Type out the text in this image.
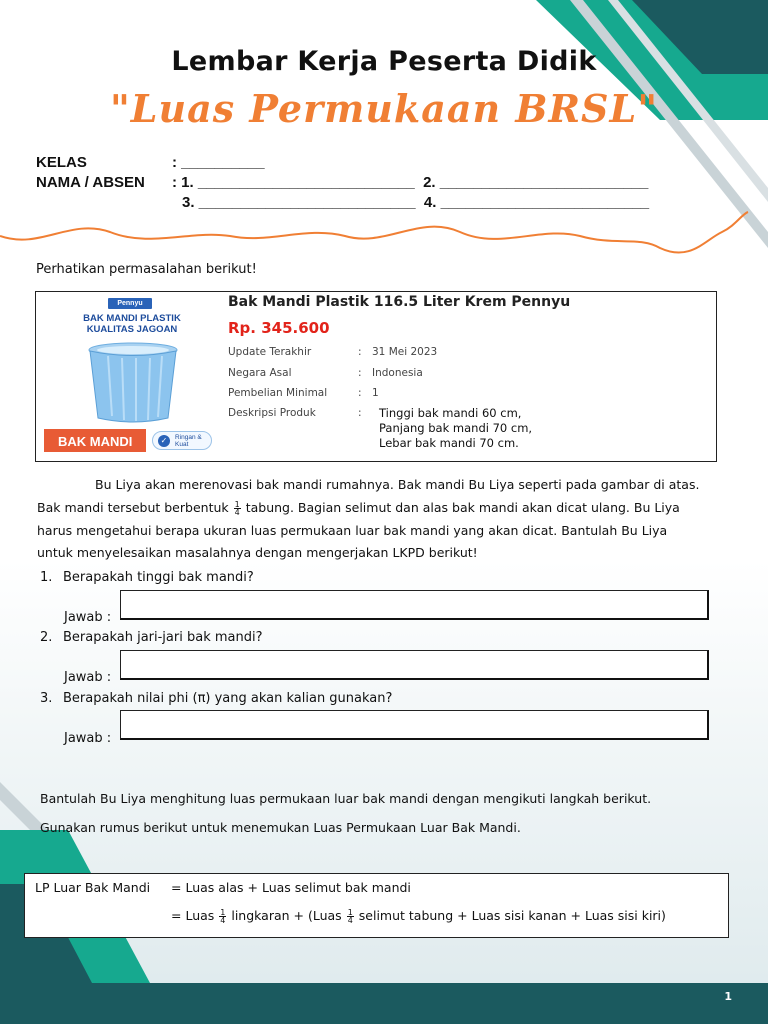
Lembar Kerja Peserta Didik
"Luas Permukaan BRSL"
KELAS	: __________
NAMA / ABSEN : 1. __________________________  2. _________________________
3. __________________________  4. _________________________
Perhatikan permasalahan berikut!
Pennyu
BAK MANDI PLASTIK
KUALITAS JAGOAN
BAK MANDI	✓	Ringan & Kuat
Bak Mandi Plastik 116.5 Liter Krem Pennyu
Rp. 345.600
Update Terakhir	: 31 Mei 2023
Negara Asal	: Indonesia
Pembelian Minimal	: 1
Deskripsi Produk	: Tinggi bak mandi 60 cm,
Panjang bak mandi 70 cm,
Lebar bak mandi 70 cm.
Bu Liya akan merenovasi bak mandi rumahnya. Bak mandi Bu Liya seperti pada gambar di atas.
Bak mandi tersebut berbentuk $\frac{1}{4}$ tabung. Bagian selimut dan alas bak mandi akan dicat ulang. Bu Liya
harus mengetahui berapa ukuran luas permukaan luar bak mandi yang akan dicat. Bantulah Bu Liya
untuk menyelesaikan masalahnya dengan mengerjakan LKPD berikut!
1. Berapakah tinggi bak mandi?
Jawab :
2. Berapakah jari-jari bak mandi?
Jawab :
3. Berapakah nilai phi (π) yang akan kalian gunakan?
Jawab :
Bantulah Bu Liya menghitung luas permukaan luar bak mandi dengan mengikuti langkah berikut.
Gunakan rumus berikut untuk menemukan Luas Permukaan Luar Bak Mandi.
LP Luar Bak Mandi = Luas alas + Luas selimut bak mandi
= Luas $\frac{1}{4}$ lingkaran + (Luas $\frac{1}{4}$ selimut tabung + Luas sisi kanan + Luas sisi kiri)
1
